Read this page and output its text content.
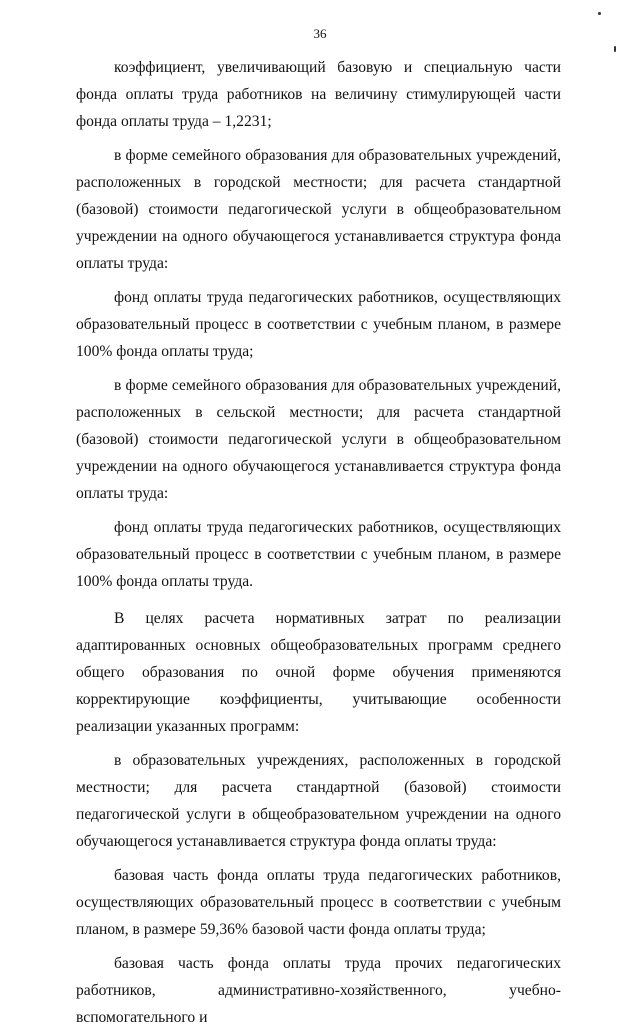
36

коэффициент, увеличивающий базовую и специальную части фонда оплаты труда работников на величину стимулирующей части фонда оплаты труда – 1,2231;

в форме семейного образования для образовательных учреждений, расположенных в городской местности; для расчета стандартной (базовой) стоимости педагогической услуги в общеобразовательном учреждении на одного обучающегося устанавливается структура фонда оплаты труда:

фонд оплаты труда педагогических работников, осуществляющих образовательный процесс в соответствии с учебным планом, в размере 100% фонда оплаты труда;

в форме семейного образования для образовательных учреждений, расположенных в сельской местности; для расчета стандартной (базовой) стоимости педагогической услуги в общеобразовательном учреждении на одного обучающегося устанавливается структура фонда оплаты труда:

фонд оплаты труда педагогических работников, осуществляющих образовательный процесс в соответствии с учебным планом, в размере 100% фонда оплаты труда.

В целях расчета нормативных затрат по реализации адаптированных основных общеобразовательных программ среднего общего образования по очной форме обучения применяются корректирующие коэффициенты, учитывающие особенности реализации указанных программ:

в образовательных учреждениях, расположенных в городской местности; для расчета стандартной (базовой) стоимости педагогической услуги в общеобразовательном учреждении на одного обучающегося устанавливается структура фонда оплаты труда:

базовая часть фонда оплаты труда педагогических работников, осуществляющих образовательный процесс в соответствии с учебным планом, в размере 59,36% базовой части фонда оплаты труда;

базовая часть фонда оплаты труда прочих педагогических работников, административно-хозяйственного, учебно-вспомогательного и
